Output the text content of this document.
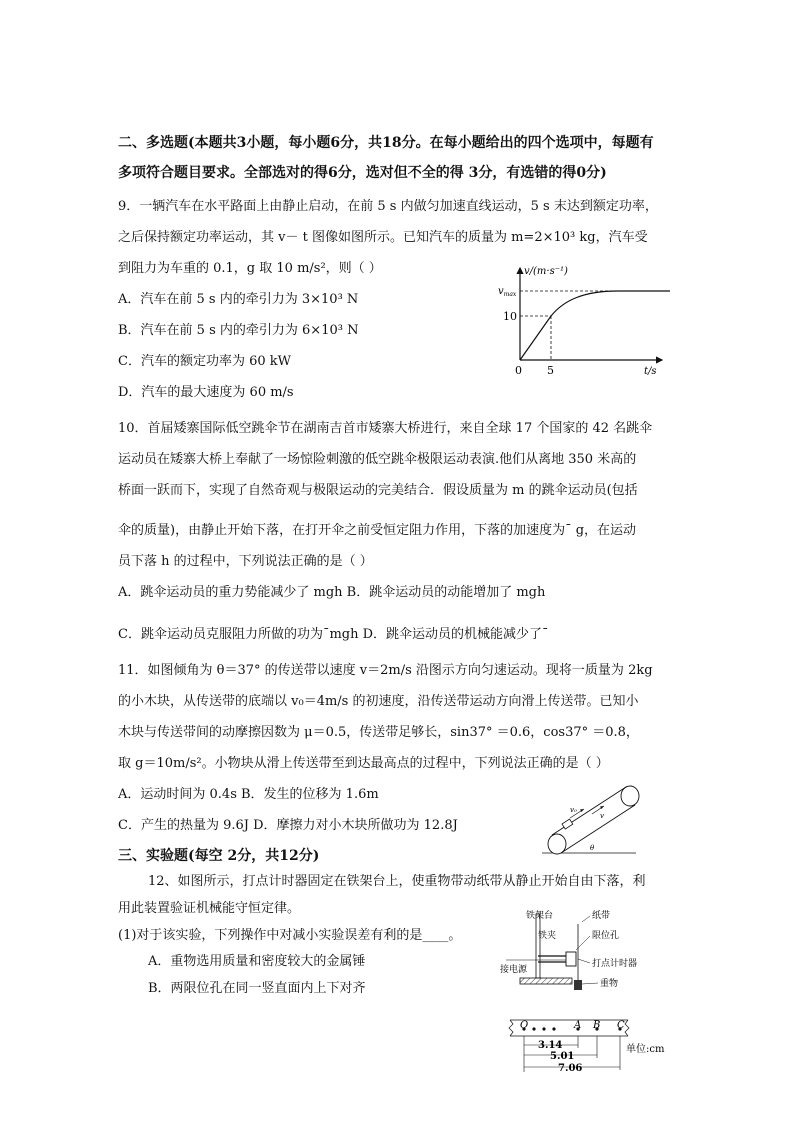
二、多选题(本题共3小题，每小题6分，共18分。在每小题给出的四个选项中，每题有
多项符合题目要求。全部选对的得6分，选对但不全的得 3分，有选错的得0分)
9．一辆汽车在水平路面上由静止启动，在前 5 s 内做匀加速直线运动，5 s 末达到额定功率，
之后保持额定功率运动，其 v－ t 图像如图所示。已知汽车的质量为 m=2×10³ kg，汽车受
到阻力为车重的 0.1，g 取 10 m/s²，则（ ）
A．汽车在前 5 s 内的牵引力为 3×10³ N
B．汽车在前 5 s 内的牵引力为 6×10³ N
C．汽车的额定功率为 60 kW
D．汽车的最大速度为 60 m/s
v/(m·s⁻¹)
$v_{max}$
10
0 5	t/s
10．首届矮寨国际低空跳伞节在湖南吉首市矮寨大桥进行，来自全球 17 个国家的 42 名跳伞
运动员在矮寨大桥上奉献了一场惊险刺激的低空跳伞极限运动表演.他们从离地 350 米高的
桥面一跃而下，实现了自然奇观与极限运动的完美结合．假设质量为 m 的跳伞运动员(包括
伞的质量)，由静止开始下落，在打开伞之前受恒定阻力作用，下落的加速度为¯ g，在运动
员下落 h 的过程中，下列说法正确的是（ ）
A．跳伞运动员的重力势能减少了 mgh B．跳伞运动员的动能增加了 mgh
C．跳伞运动员克服阻力所做的功为¯mgh D．跳伞运动员的机械能减少了¯
11．如图倾角为 θ＝37° 的传送带以速度 v＝2m/s 沿图示方向匀速运动。现将一质量为 2kg
的小木块，从传送带的底端以 v₀＝4m/s 的初速度，沿传送带运动方向滑上传送带。已知小
木块与传送带间的动摩擦因数为 μ＝0.5，传送带足够长，sin37° ＝0.6，cos37° ＝0.8，
取 g＝10m/s²。小物块从滑上传送带至到达最高点的过程中，下列说法正确的是（ ）
A．运动时间为 0.4s B．发生的位移为 1.6m
C．产生的热量为 9.6J D．摩擦力对小木块所做功为 12.8J
v₀
v
θ
三、实验题(每空 2分，共12分)
12、如图所示，打点计时器固定在铁架台上，使重物带动纸带从静止开始自由下落，利
用此装置验证机械能守恒定律。
(1)对于该实验，下列操作中对减小实验误差有利的是____。
A．重物选用质量和密度较大的金属锤
B．两限位孔在同一竖直面内上下对齐
铁架台
铁夹
纸带
限位孔
接电源
打点计时器
重物
O	A B C
3.14
5.01
7.06
单位:cm
